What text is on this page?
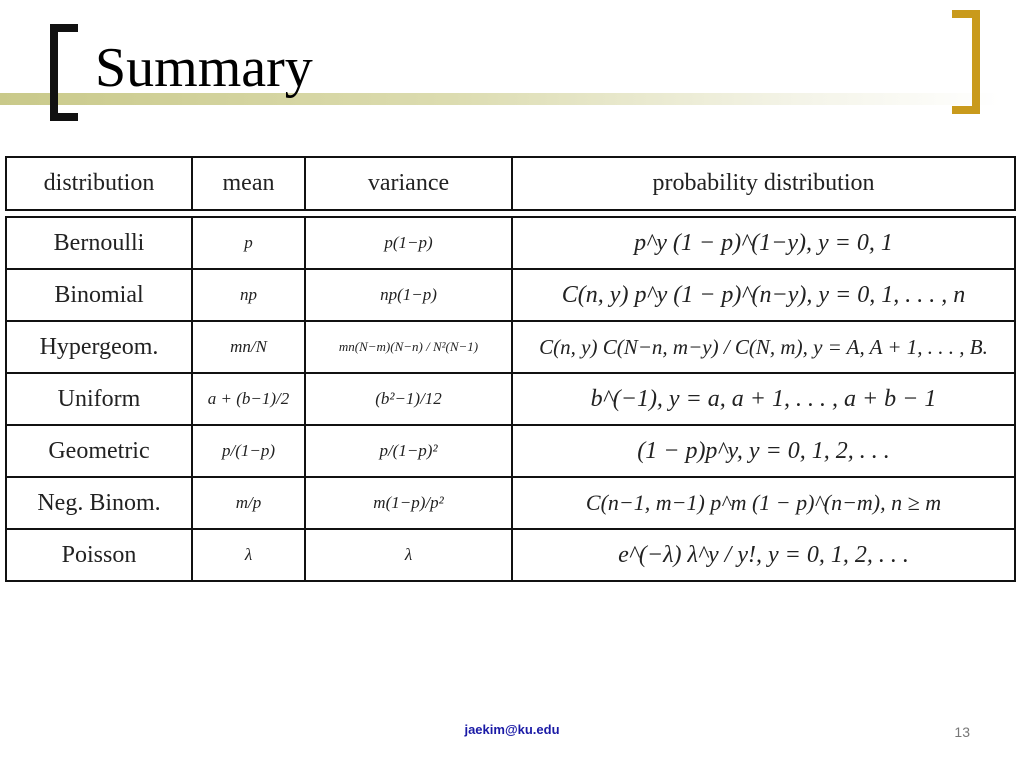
Summary
distribution	mean	variance	probability distribution
Bernoulli	p	p(1−p)	p^y (1 − p)^(1−y), y = 0, 1
Binomial	np	np(1−p)	C(n, y) p^y (1 − p)^(n−y), y = 0, 1, . . . , n
Hypergeom.	mn/N	mn(N−m)(N−n) / N²(N−1)	C(n, y) C(N−n, m−y) / C(N, m), y = A, A + 1, . . . , B.
Uniform	a + (b−1)/2	(b²−1)/12	b^(−1), y = a, a + 1, . . . , a + b − 1
Geometric	p/(1−p)	p/(1−p)²	(1 − p)p^y, y = 0, 1, 2, . . .
Neg. Binom.	m/p	m(1−p)/p²	C(n−1, m−1) p^m (1 − p)^(n−m), n ≥ m
Poisson	λ	λ	e^(−λ) λ^y / y!, y = 0, 1, 2, . . .
jaekim@ku.edu	13
